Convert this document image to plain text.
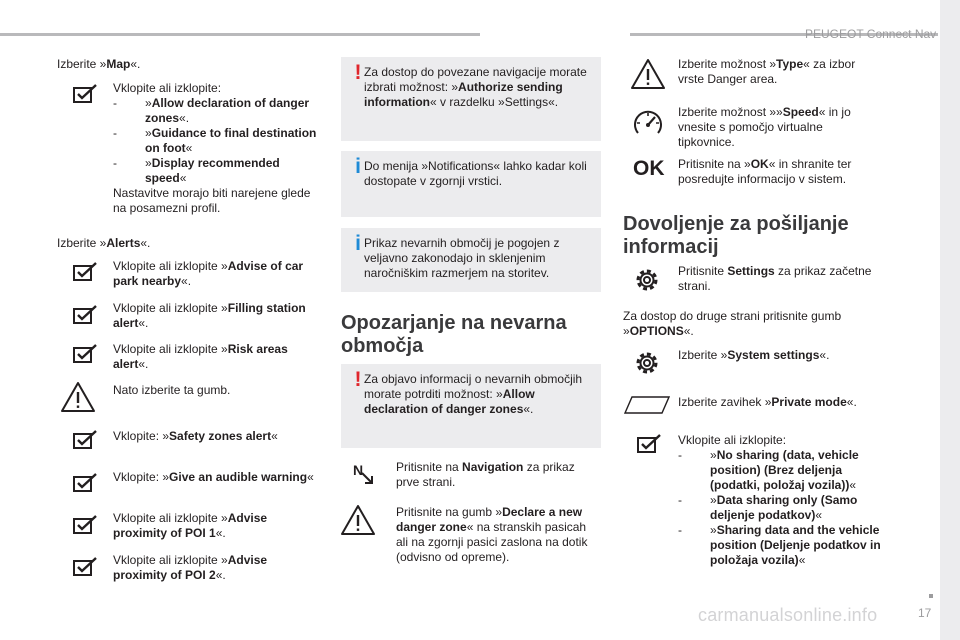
PEUGEOT Connect Nav
17
carmanualsonline.info
Izberite »Map«.
Vklopite ali izklopite:
- »Allow declaration of danger zones«.
- »Guidance to final destination on foot«
- »Display recommended speed«
Nastavitve morajo biti narejene glede na posamezni profil.
Izberite »Alerts«.
Vklopite ali izklopite »Advise of car park nearby«.
Vklopite ali izklopite »Filling station alert«.
Vklopite ali izklopite »Risk areas alert«.
Nato izberite ta gumb.
Vklopite: »Safety zones alert«
Vklopite: »Give an audible warning«
Vklopite ali izklopite »Advise proximity of POI 1«.
Vklopite ali izklopite »Advise proximity of POI 2«.
! Za dostop do povezane navigacije morate izbrati možnost: »Authorize sending information« v razdelku »Settings«.
i Do menija »Notifications« lahko kadar koli dostopate v zgornji vrstici.
i Prikaz nevarnih območij je pogojen z veljavno zakonodajo in sklenjenim naročniškim razmerjem na storitev.
Opozarjanje na nevarna območja
! Za objavo informacij o nevarnih območjih morate potrditi možnost: »Allow declaration of danger zones«.
N	Pritisnite na Navigation za prikaz prve strani.
Pritisnite na gumb »Declare a new danger zone« na stranskih pasicah ali na zgornji pasici zaslona na dotik (odvisno od opreme).
Izberite možnost »Type« za izbor vrste Danger area.
Izberite možnost »»Speed« in jo vnesite s pomočjo virtualne tipkovnice.
OK Pritisnite na »OK« in shranite ter posredujte informacijo v sistem.
Dovoljenje za pošiljanje informacij
Pritisnite Settings za prikaz začetne strani.
Za dostop do druge strani pritisnite gumb »OPTIONS«.
Izberite »System settings«.
Izberite zavihek »Private mode«.
Vklopite ali izklopite:
- »No sharing (data, vehicle position) (Brez deljenja (podatki, položaj vozila))«
- »Data sharing only (Samo deljenje podatkov)«
- »Sharing data and the vehicle position (Deljenje podatkov in položaja vozila)«
